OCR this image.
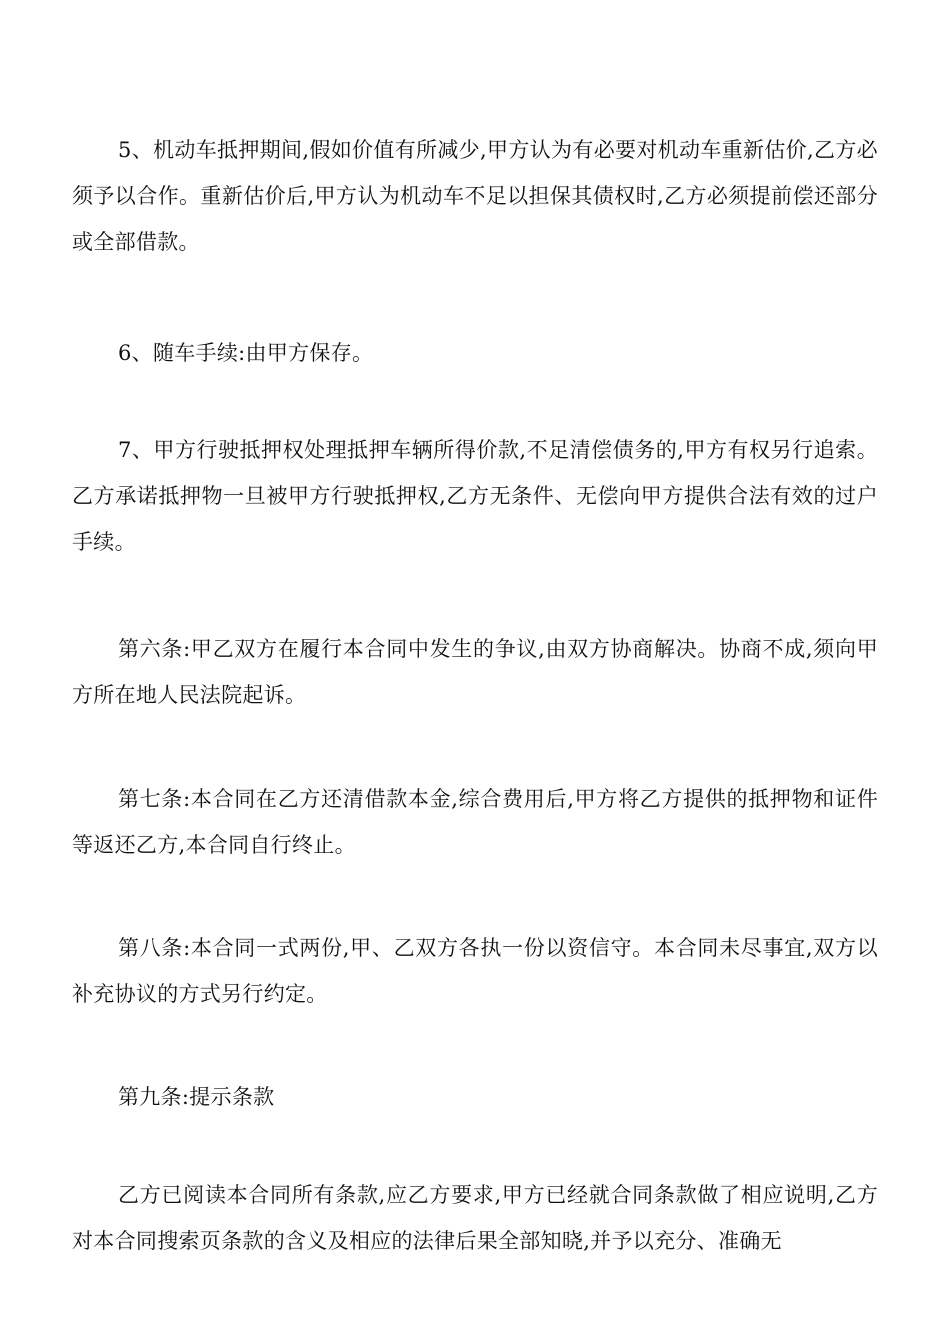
5、机动车抵押期间,假如价值有所减少,甲方认为有必要对机动车重新估价,乙方必须予以合作。重新估价后,甲方认为机动车不足以担保其债权时,乙方必须提前偿还部分或全部借款。

6、随车手续:由甲方保存。

7、甲方行驶抵押权处理抵押车辆所得价款,不足清偿债务的,甲方有权另行追索。乙方承诺抵押物一旦被甲方行驶抵押权,乙方无条件、无偿向甲方提供合法有效的过户手续。

第六条:甲乙双方在履行本合同中发生的争议,由双方协商解决。协商不成,须向甲方所在地人民法院起诉。

第七条:本合同在乙方还清借款本金,综合费用后,甲方将乙方提供的抵押物和证件等返还乙方,本合同自行终止。

第八条:本合同一式两份,甲、乙双方各执一份以资信守。本合同未尽事宜,双方以补充协议的方式另行约定。

第九条:提示条款

乙方已阅读本合同所有条款,应乙方要求,甲方已经就合同条款做了相应说明,乙方对本合同搜索页条款的含义及相应的法律后果全部知晓,并予以充分、准确无
